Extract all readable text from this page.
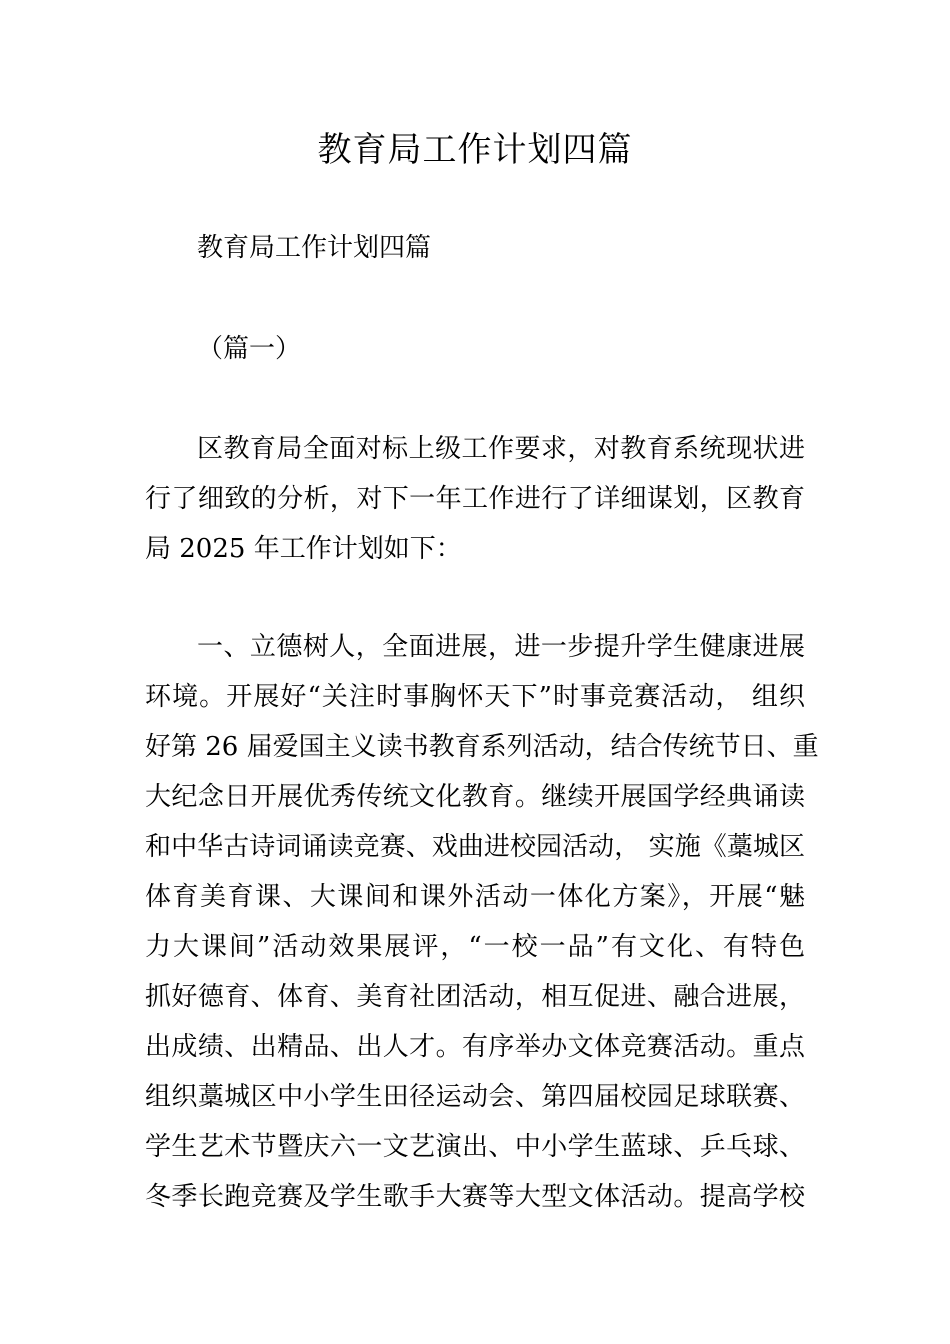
教育局工作计划四篇

教育局工作计划四篇

（篇一）

区教育局全面对标上级工作要求，对教育系统现状进

行了细致的分析，对下一年工作进行了详细谋划，区教育

局 2025 年工作计划如下：

一、立德树人，全面进展，进一步提升学生健康进展

环境。开展好“关注时事胸怀天下”时事竞赛活动， 组织

好第 26 届爱国主义读书教育系列活动，结合传统节日、重

大纪念日开展优秀传统文化教育。继续开展国学经典诵读

和中华古诗词诵读竞赛、戏曲进校园活动， 实施《藁城区

体育美育课、大课间和课外活动一体化方案》，开展“魅

力大课间”活动效果展评，“一校一品”有文化、有特色

抓好德育、体育、美育社团活动，相互促进、融合进展，

出成绩、出精品、出人才。有序举办文体竞赛活动。重点

组织藁城区中小学生田径运动会、第四届校园足球联赛、

学生艺术节暨庆六一文艺演出、中小学生蓝球、乒乓球、

冬季长跑竞赛及学生歌手大赛等大型文体活动。提高学校
